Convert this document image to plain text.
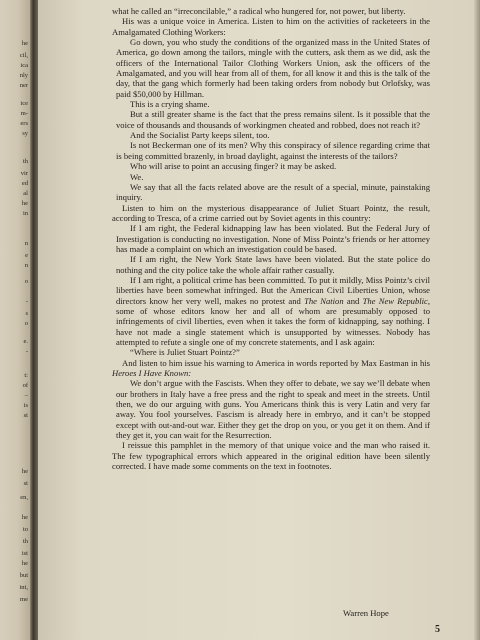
he
cil,
ica
nly
ner
ice
m-
ers
sy
th
vir
ed
al
he
in
n
e
n
o
-
s
o
e.
-
t:
of
–
is
st
he
st
en,
he
to
th
ist
he
but
int,
me

what he called an “irreconcilable,” a radical who hungered for, not power, but liberty.

His was a unique voice in America. Listen to him on the activities of racketeers in the Amalgamated Clothing Workers:

Go down, you who study the conditions of the organized mass in the United States of America, go down among the tailors, mingle with the cutters, ask them as we did, ask the officers of the International Tailor Clothing Workers Union, ask the officers of the Amalgamated, and you will hear from all of them, for all know it and this is the talk of the day, that the gang which formerly had been taking orders from nobody but Orlofsky, was paid $50,000 by Hillman.

This is a crying shame.

But a still greater shame is the fact that the press remains silent. Is it possible that the voice of thousands and thousands of workingmen cheated and robbed, does not reach it?

And the Socialist Party keeps silent, too.

Is not Beckerman one of its men? Why this conspiracy of silence regarding crime that is being committed brazenly, in broad daylight, against the interests of the tailors?

Who will arise to point an accusing finger? it may be asked.

We.

We say that all the facts related above are the result of a special, minute, painstaking inquiry.

Listen to him on the mysterious disappearance of Juliet Stuart Pointz, the result, according to Tresca, of a crime carried out by Soviet agents in this country:

If I am right, the Federal kidnapping law has been violated. But the Federal Jury of Investigation is conducting no investigation. None of Miss Pointz’s friends or her attorney has made a complaint on which an investigation could be based.

If I am right, the New York State laws have been violated. But the state police do nothing and the city police take the whole affair rather casually.

If I am right, a political crime has been committed. To put it mildly, Miss Pointz’s civil liberties have been somewhat infringed. But the American Civil Liberties Union, whose directors know her very well, makes no protest and The Nation and The New Republic, some of whose editors know her and all of whom are presumably opposed to infringements of civil liberties, even when it takes the form of kidnapping, say nothing. I have not made a single statement which is unsupported by witnesses. Nobody has attempted to refute a single one of my concrete statements, and I ask again:

“Where is Juliet Stuart Pointz?”

And listen to him issue his warning to America in words reported by Max Eastman in his Heroes I Have Known:

We don’t argue with the Fascists. When they offer to debate, we say we’ll debate when our brothers in Italy have a free press and the right to speak and meet in the streets. Until then, we do our arguing with guns. You Americans think this is very Latin and very far away. You fool yourselves. Fascism is already here in embryo, and it can’t be stopped except with out-and-out war. Either they get the drop on you, or you get it on them. And if they get it, you can wait for the Resurrection.

I reissue this pamphlet in the memory of that unique voice and the man who raised it. The few typographical errors which appeared in the original edition have been silently corrected. I have made some comments on the text in footnotes.

Warren Hope
5
